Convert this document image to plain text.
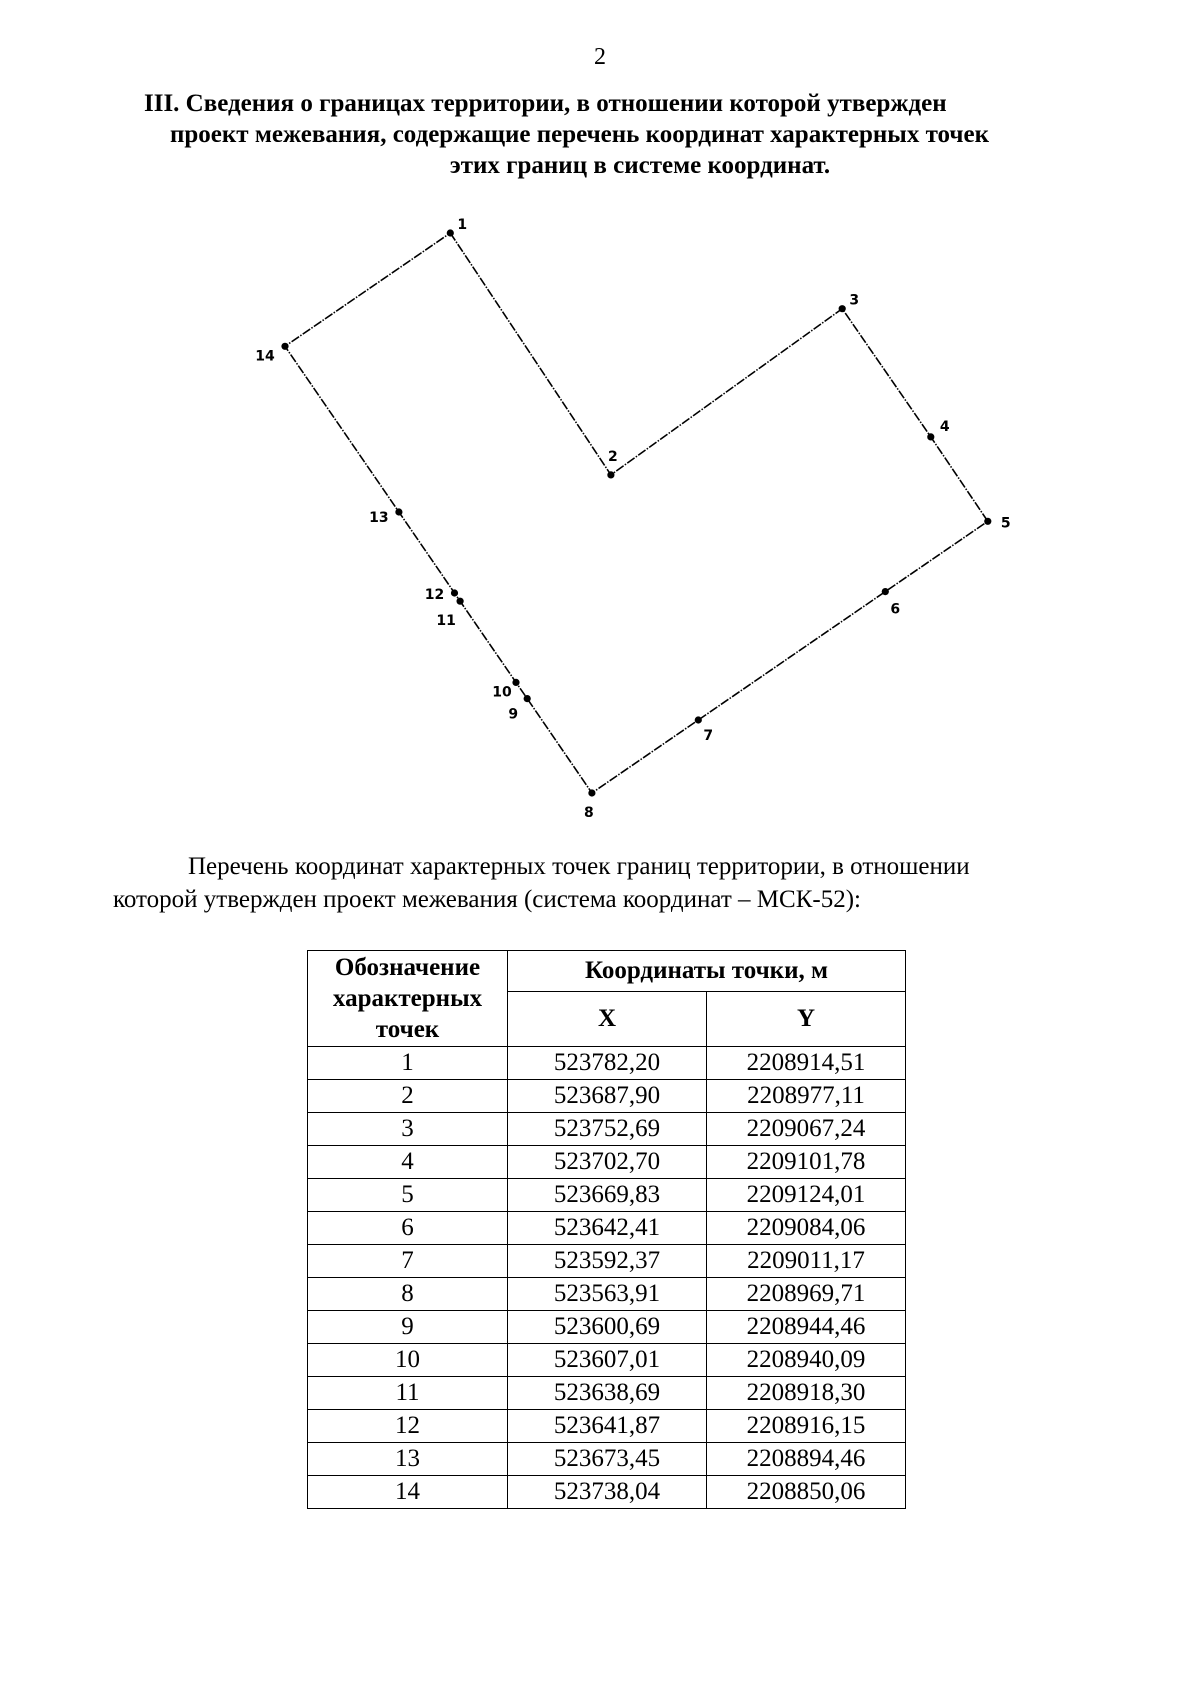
2
III. Сведения о границах территории, в отношении которой утвержден
проект межевания, содержащие перечень координат характерных точек
этих границ в системе координат.
1
2
3
4
5
6
7
8
9
10
11
12
13
14
Перечень координат характерных точек границ территории, в отношении
которой утвержден проект межевания (система координат – МСК-52):
Обозначение характерных точек	Координаты точки, м	
	X	Y
1	523782,20	2208914,51
2	523687,90	2208977,11
3	523752,69	2209067,24
4	523702,70	2209101,78
5	523669,83	2209124,01
6	523642,41	2209084,06
7	523592,37	2209011,17
8	523563,91	2208969,71
9	523600,69	2208944,46
10	523607,01	2208940,09
11	523638,69	2208918,30
12	523641,87	2208916,15
13	523673,45	2208894,46
14	523738,04	2208850,06
